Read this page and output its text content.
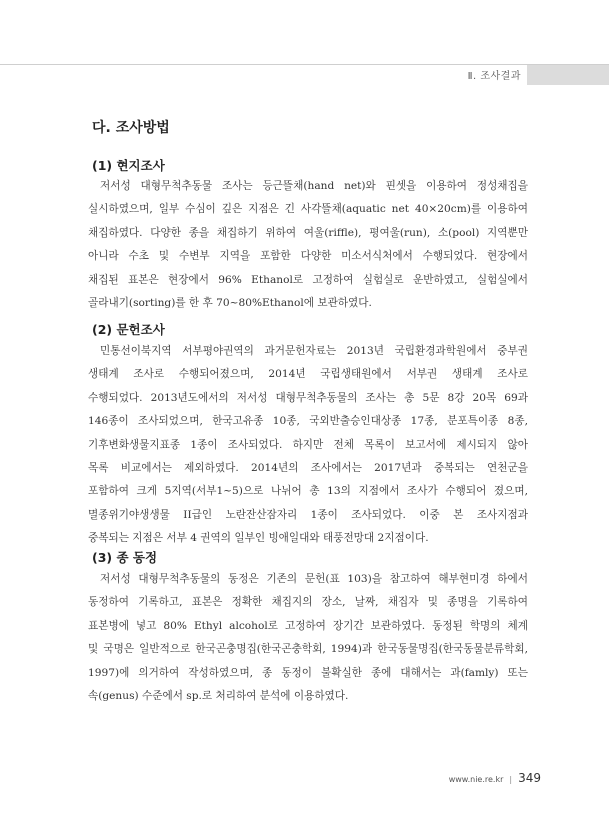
Ⅱ. 조사결과
다. 조사방법
(1) 현지조사
저서성 대형무척추동물 조사는 등근뜰채(hand net)와 핀셋을 이용하여 정성채집을
실시하였으며, 일부 수심이 깊은 지점은 긴 사각뜰채(aquatic net 40×20cm)를 이용하여
채집하였다. 다양한 종을 채집하기 위하여 여울(riffle), 평여울(run), 소(pool) 지역뿐만
아니라 수초 및 수변부 지역을 포함한 다양한 미소서식처에서 수행되었다. 현장에서
채집된 표본은 현장에서 96% Ethanol로 고정하여 실험실로 운반하였고, 실험실에서
골라내기(sorting)를 한 후 70~80%Ethanol에 보관하였다.
(2) 문헌조사
민통선이북지역 서부평야권역의 과거문헌자료는 2013년 국립환경과학원에서 중부권
생태계 조사로 수행되어졌으며, 2014년 국립생태원에서 서부권 생태계 조사로
수행되었다. 2013년도에서의 저서성 대형무척추동물의 조사는 총 5문 8강 20목 69과
146종이 조사되었으며, 한국고유종 10종, 국외반출승인대상종 17종, 분포특이종 8종,
기후변화생물지표종 1종이 조사되었다. 하지만 전체 목록이 보고서에 제시되지 않아
목록 비교에서는 제외하였다. 2014년의 조사에서는 2017년과 중복되는 연천군을
포함하여 크게 5지역(서부1~5)으로 나뉘어 총 13의 지점에서 조사가 수행되어 졌으며,
멸종위기야생생물 II급인 노란잔산잠자리 1종이 조사되었다. 이중 본 조사지점과
중복되는 지점은 서부 4 권역의 일부인 빙애일대와 태풍전망대 2지점이다.
(3) 종 동정
저서성 대형무척추동물의 동정은 기존의 문헌(표 103)을 참고하여 해부현미경 하에서
동정하여 기록하고, 표본은 정확한 채집지의 장소, 날짜, 채집자 및 종명을 기록하여
표본병에 넣고 80% Ethyl alcohol로 고정하여 장기간 보관하였다. 동정된 학명의 체계
및 국명은 일반적으로 한국곤충명집(한국곤충학회, 1994)과 한국동물명집(한국동물분류학회,
1997)에 의거하여 작성하였으며, 종 동정이 불확실한 종에 대해서는 과(famly) 또는
속(genus) 수준에서 sp.로 처리하여 분석에 이용하였다.
www.nie.re.kr | 349
